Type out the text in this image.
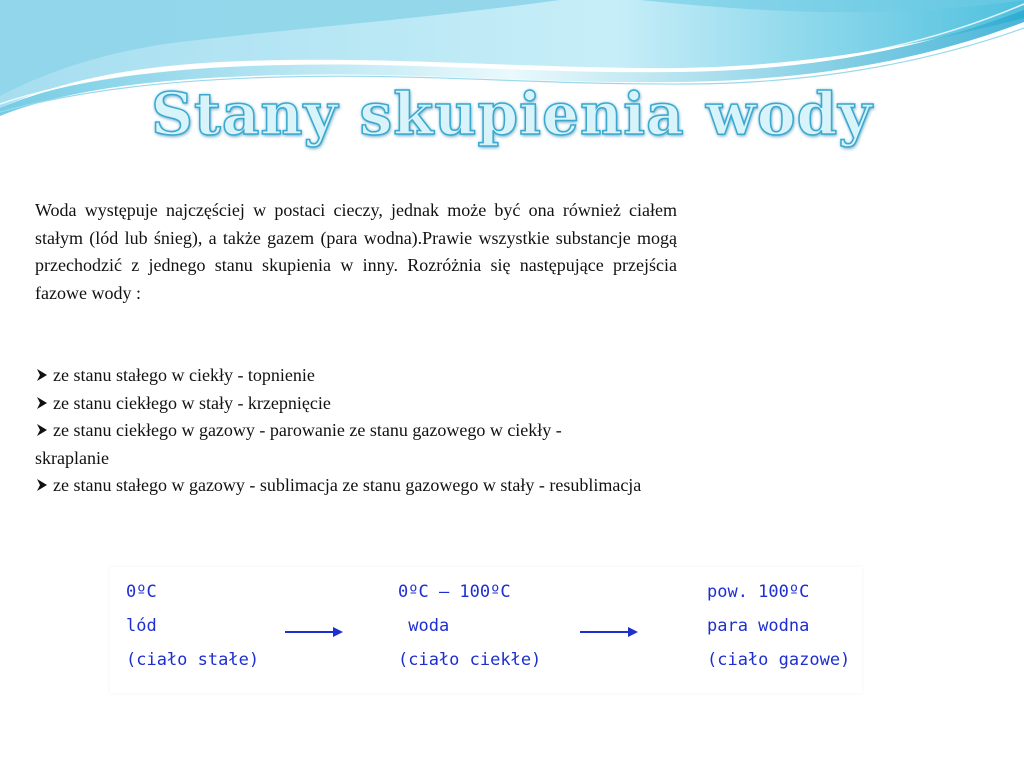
Stany skupienia wody

Woda występuje najczęściej w postaci cieczy, jednak może być ona również ciałem stałym (lód lub śnieg), a także gazem (para wodna).Prawie wszystkie substancje mogą przechodzić z jednego stanu skupienia w inny. Rozróżnia się następujące przejścia fazowe wody :

ze stanu stałego w ciekły - topnienie
ze stanu ciekłego w stały - krzepnięcie
ze stanu ciekłego w gazowy - parowanie ze stanu gazowego w ciekły - skraplanie
ze stanu stałego w gazowy - sublimacja ze stanu gazowego w stały - resublimacja
0ºC
lód
(ciało stałe)
0ºC – 100ºC
woda
(ciało ciekłe)
pow. 100ºC
para wodna
(ciało gazowe)
